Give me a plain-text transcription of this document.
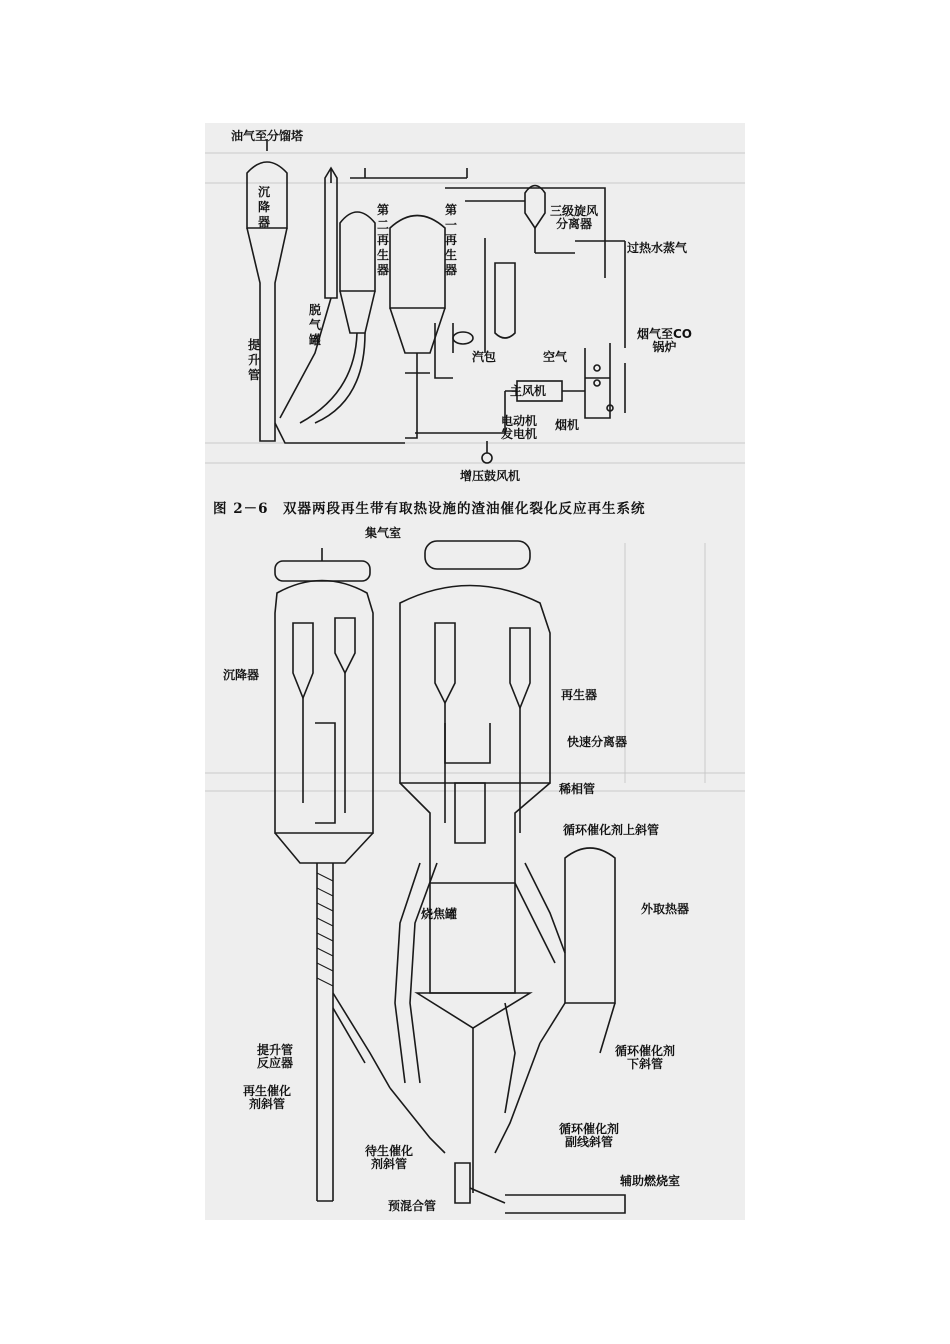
油气至分馏塔
沉降器
提升管
脱气罐
第二再生器
第一再生器
三级旋风
分离器
过热水蒸气
烟气至CO
锅炉
汽包	空气
主风机
烟机
电动机
发电机
增压鼓风机
图 2－6　双器两段再生带有取热设施的渣油催化裂化反应再生系统
集气室
沉降器
再生器
快速分离器
稀相管
循环催化剂上斜管
烧焦罐	外取热器
提升管
反应器
循环催化剂
下斜管
再生催化
剂斜管
循环催化剂
副线斜管
待生催化
剂斜管
辅助燃烧室
预混合管
